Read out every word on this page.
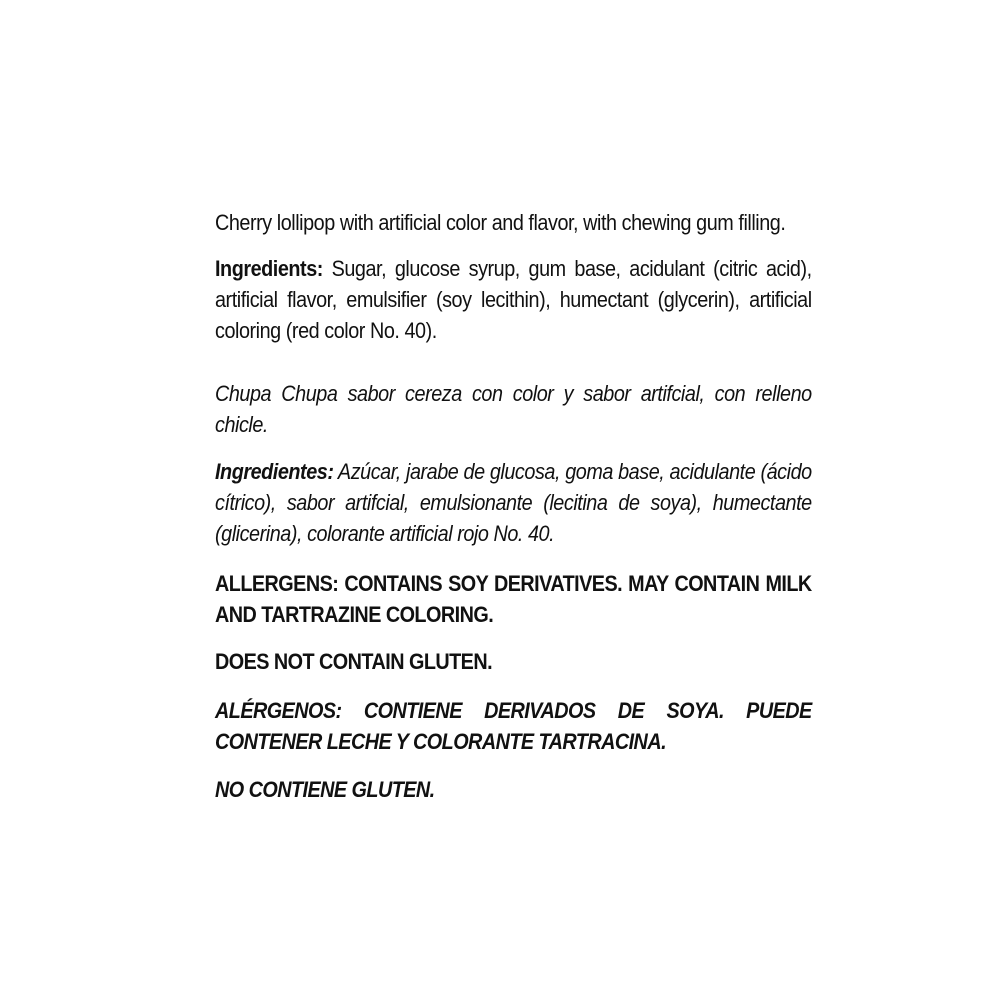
Cherry lollipop with artificial color and flavor, with chewing gum filling.

Ingredients: Sugar, glucose syrup, gum base, acidulant (citric acid), artificial flavor, emulsifier (soy lecithin), humectant (glycerin), artificial coloring (red color No. 40).

Chupa Chupa sabor cereza con color y sabor artifcial, con relleno chicle.

Ingredientes: Azúcar, jarabe de glucosa, goma base, acidulante (ácido cítrico), sabor artifcial, emulsionante (lecitina de soya), humectante (glicerina), colorante artificial rojo No. 40.

ALLERGENS: CONTAINS SOY DERIVATIVES. MAY CONTAIN MILK AND TARTRAZINE COLORING.

DOES NOT CONTAIN GLUTEN.

ALÉRGENOS: CONTIENE DERIVADOS DE SOYA. PUEDE CONTENER LECHE Y COLORANTE TARTRACINA.

NO CONTIENE GLUTEN.
